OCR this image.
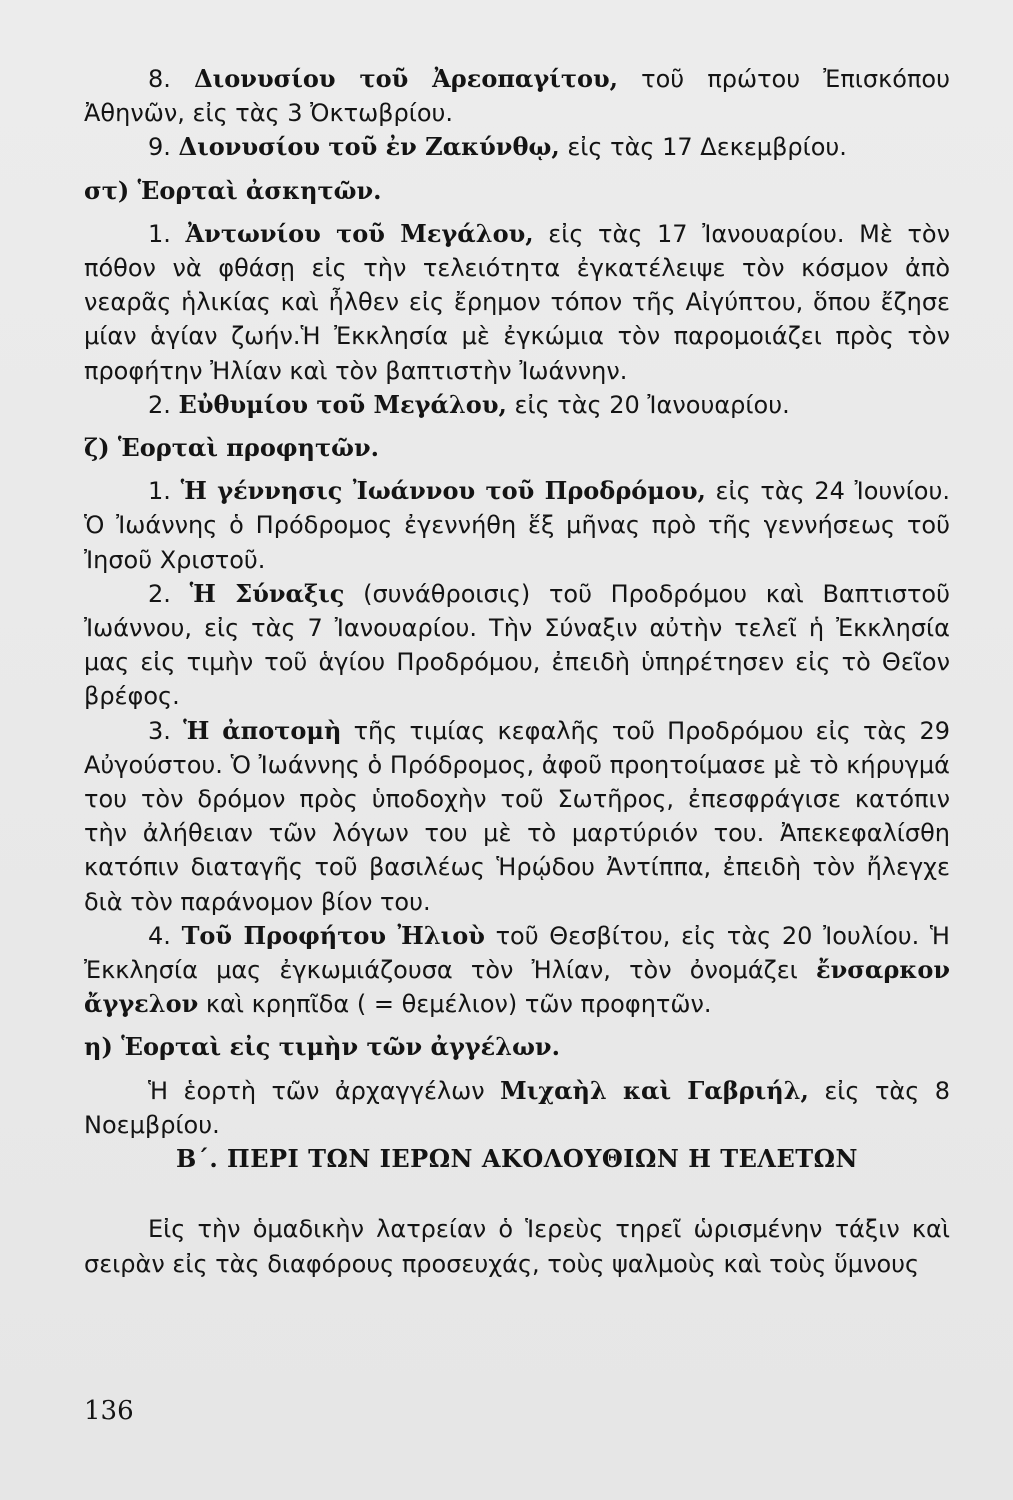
8. Διονυσίου τοῦ Ἀρεοπαγίτου, τοῦ πρώτου Ἐπισκόπου Ἀθηνῶν, εἰς τὰς 3 Ὀκτωβρίου.

9. Διονυσίου τοῦ ἐν Ζακύνθῳ, εἰς τὰς 17 Δεκεμβρίου.

στ) Ἑορταὶ ἀσκητῶν.

1. Ἀντωνίου τοῦ Μεγάλου, εἰς τὰς 17 Ἰανουαρίου. Μὲ τὸν πόθον νὰ φθάσῃ εἰς τὴν τελειότητα ἐγκατέλειψε τὸν κόσμον ἀπὸ νεαρᾶς ἡλικίας καὶ ἦλθεν εἰς ἔρημον τόπον τῆς Αἰγύπτου, ὅπου ἔζησε μίαν ἁγίαν ζωήν.Ἡ Ἐκκλησία μὲ ἐγκώμια τὸν παρομοιάζει πρὸς τὸν προφήτην Ἠλίαν καὶ τὸν βαπτιστὴν Ἰωάννην.

2. Εὐθυμίου τοῦ Μεγάλου, εἰς τὰς 20 Ἰανουαρίου.

ζ) Ἑορταὶ προφητῶν.

1. Ἡ γέννησις Ἰωάννου τοῦ Προδρόμου, εἰς τὰς 24 Ἰουνίου. Ὁ Ἰωάννης ὁ Πρόδρομος ἐγεννήθη ἕξ μῆνας πρὸ τῆς γεννήσεως τοῦ Ἰησοῦ Χριστοῦ.

2. Ἡ Σύναξις (συνάθροισις) τοῦ Προδρόμου καὶ Βαπτιστοῦ Ἰωάννου, εἰς τὰς 7 Ἰανουαρίου. Τὴν Σύναξιν αὐτὴν τελεῖ ἡ Ἐκκλησία μας εἰς τιμὴν τοῦ ἁγίου Προδρόμου, ἐπειδὴ ὑπηρέτησεν εἰς τὸ Θεῖον βρέφος.

3. Ἡ ἀποτομὴ τῆς τιμίας κεφαλῆς τοῦ Προδρόμου εἰς τὰς 29 Αὐγούστου. Ὁ Ἰωάννης ὁ Πρόδρομος, ἀφοῦ προητοίμασε μὲ τὸ κήρυγμά του τὸν δρόμον πρὸς ὑποδοχὴν τοῦ Σωτῆρος, ἐπεσφράγισε κατόπιν τὴν ἀλήθειαν τῶν λόγων του μὲ τὸ μαρτύριόν του. Ἀπεκεφαλίσθη κατόπιν διαταγῆς τοῦ βασιλέως Ἡρῴδου Ἀντίππα, ἐπειδὴ τὸν ἤλεγχε διὰ τὸν παράνομον βίον του.

4. Τοῦ Προφήτου Ἠλιοὺ τοῦ Θεσβίτου, εἰς τὰς 20 Ἰουλίου. Ἡ Ἐκκλησία μας ἐγκωμιάζουσα τὸν Ἠλίαν, τὸν ὀνομάζει ἔνσαρκον ἄγγελον καὶ κρηπῖδα ( = θεμέλιον) τῶν προφητῶν.

η) Ἑορταὶ εἰς τιμὴν τῶν ἀγγέλων.

Ἡ ἑορτὴ τῶν ἀρχαγγέλων Μιχαὴλ καὶ Γαβριήλ, εἰς τὰς 8 Νοεμβρίου.

Β΄. ΠΕΡΙ ΤΩΝ ΙΕΡΩΝ ΑΚΟΛΟΥΘΙΩΝ Η ΤΕΛΕΤΩΝ

Εἰς τὴν ὁμαδικὴν λατρείαν ὁ Ἱερεὺς τηρεῖ ὡρισμένην τάξιν καὶ σειρὰν εἰς τὰς διαφόρους προσευχάς, τοὺς ψαλμοὺς καὶ τοὺς ὕμνους

136
